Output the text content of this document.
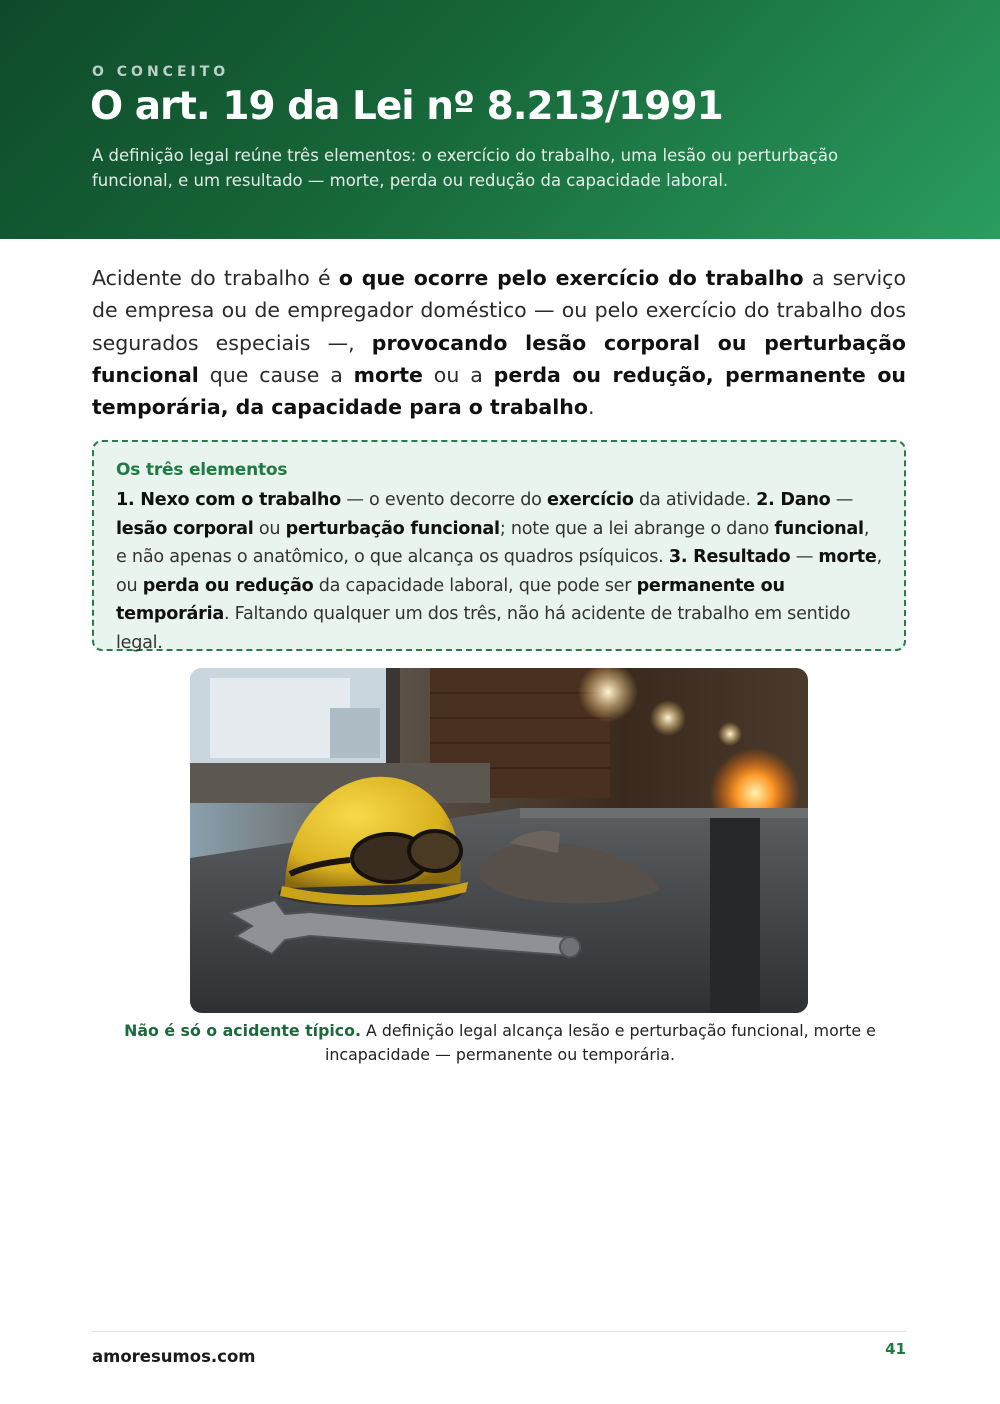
O CONCEITO
O art. 19 da Lei nº 8.213/1991
A definição legal reúne três elementos: o exercício do trabalho, uma lesão ou perturbação funcional, e um resultado — morte, perda ou redução da capacidade laboral.

Acidente do trabalho é o que ocorre pelo exercício do trabalho a serviço de empresa ou de empregador doméstico — ou pelo exercício do trabalho dos segurados especiais —, provocando lesão corporal ou perturbação funcional que cause a morte ou a perda ou redução, permanente ou temporária, da capacidade para o trabalho.

Os três elementos

1. Nexo com o trabalho — o evento decorre do exercício da atividade. 2. Dano — lesão corporal ou perturbação funcional; note que a lei abrange o dano funcional, e não apenas o anatômico, o que alcança os quadros psíquicos. 3. Resultado — morte, ou perda ou redução da capacidade laboral, que pode ser permanente ou temporária. Faltando qualquer um dos três, não há acidente de trabalho em sentido legal.

Não é só o acidente típico. A definição legal alcança lesão e perturbação funcional, morte e incapacidade — permanente ou temporária.
amoresumos.com	41
